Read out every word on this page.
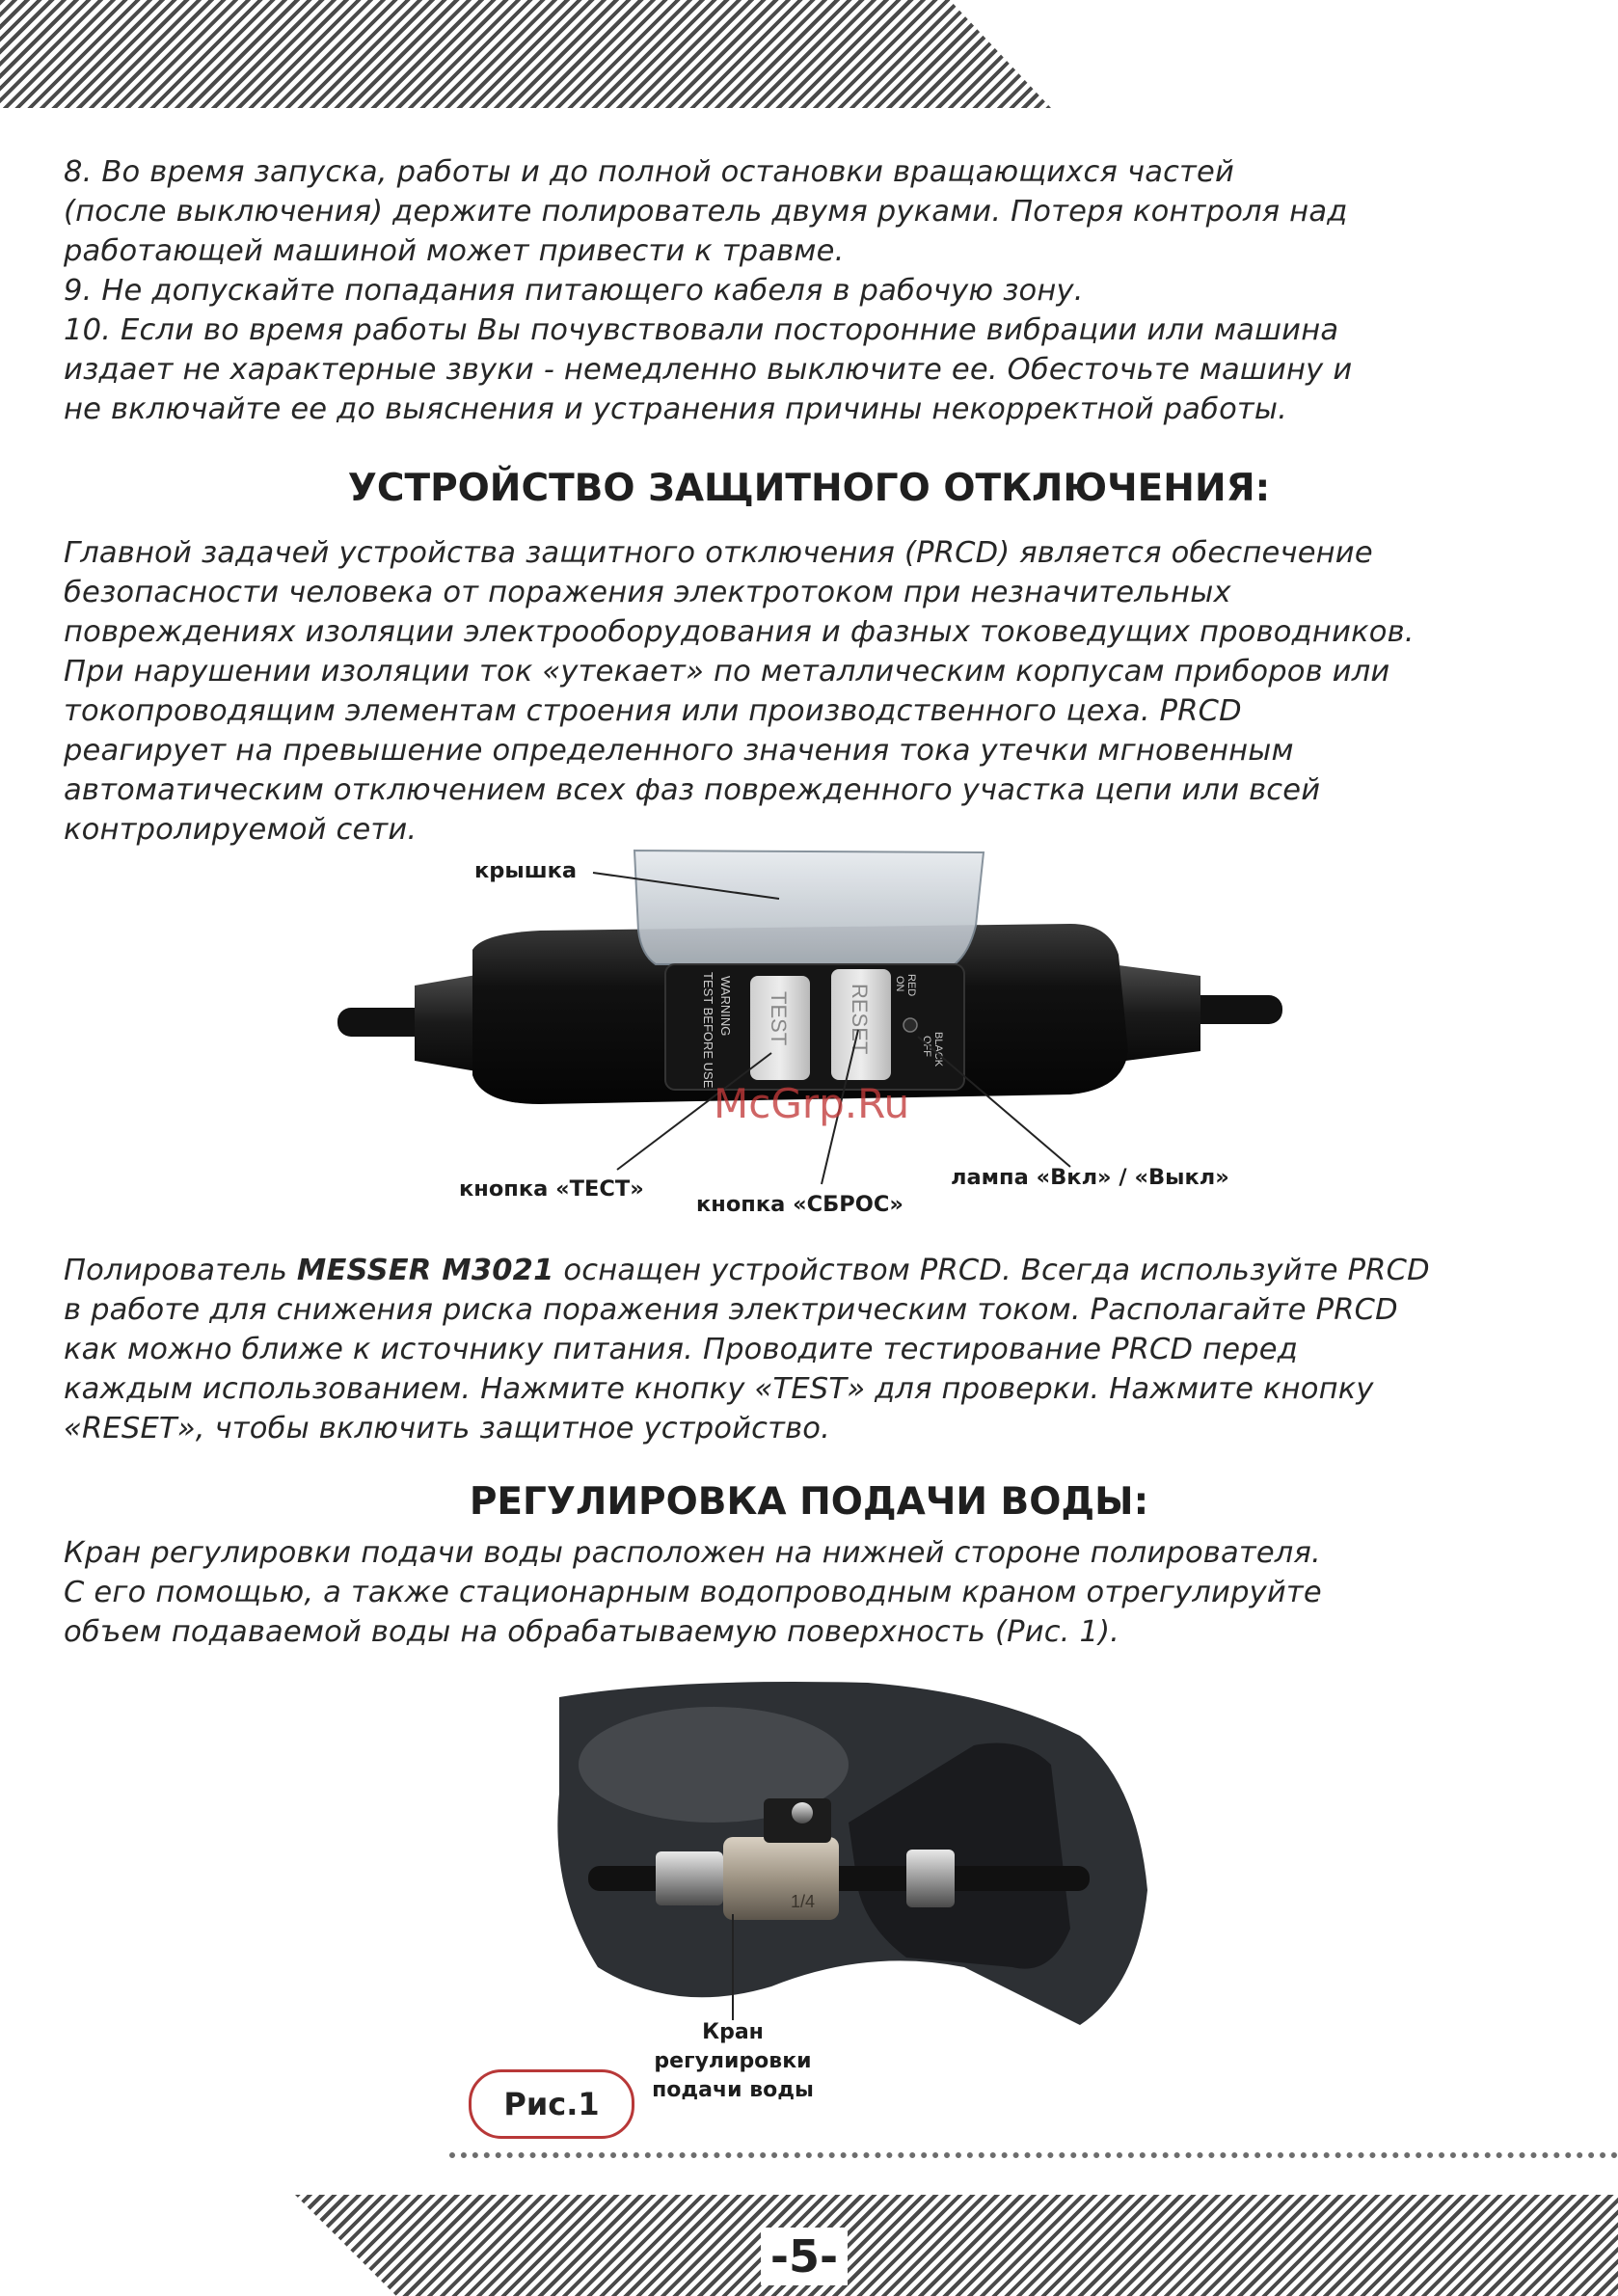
-5-

8. Во время запуска, работы и до полной остановки вращающихся частей

(после выключения) держите полирователь двумя руками. Потеря контроля над

работающей машиной может привести к травме.

9. Не допускайте попадания питающего кабеля в рабочую зону.

10. Если во время работы Вы почувствовали посторонние вибрации или машина

издает не характерные звуки - немедленно выключите ее. Обесточьте машину и

не включайте ее до выяснения и устранения причины некорректной работы.

УСТРОЙСТВО ЗАЩИТНОГО ОТКЛЮЧЕНИЯ:

Главной задачей устройства защитного отключения (PRCD) является обеспечение

безопасности человека от поражения электротоком при незначительных

повреждениях изоляции электрооборудования и фазных токоведущих проводников.

При нарушении изоляции ток «утекает» по металлическим корпусам приборов или

токопроводящим элементам строения или производственного цеха. PRCD

реагирует на превышение определенного значения тока утечки мгновенным

автоматическим отключением всех фаз поврежденного участка цепи или всей

контролируемой сети.

WARNING
TEST BEFORE USE TEST	RESET	RED
ON
BLACK
OFF
крышка
кнопка «ТЕСТ»
кнопка «СБРОС»
лампа «Вкл» / «Выкл»
McGrp.Ru

Полирователь MESSER M3021 оснащен устройством PRCD. Всегда используйте PRCD

в работе для снижения риска поражения электрическим током. Располагайте PRCD

как можно ближе к источнику питания. Проводите тестирование PRCD перед

каждым использованием. Нажмите кнопку «TEST» для проверки. Нажмите кнопку

«RESET», чтобы включить защитное устройство.

РЕГУЛИРОВКА ПОДАЧИ ВОДЫ:

Кран регулировки подачи воды расположен на нижней стороне полирователя.

С его помощью, а также стационарным водопроводным краном отрегулируйте

объем подаваемой воды на обрабатываемую поверхность (Рис. 1).

1/4
Кран
регулировки
подачи воды
Рис.1
